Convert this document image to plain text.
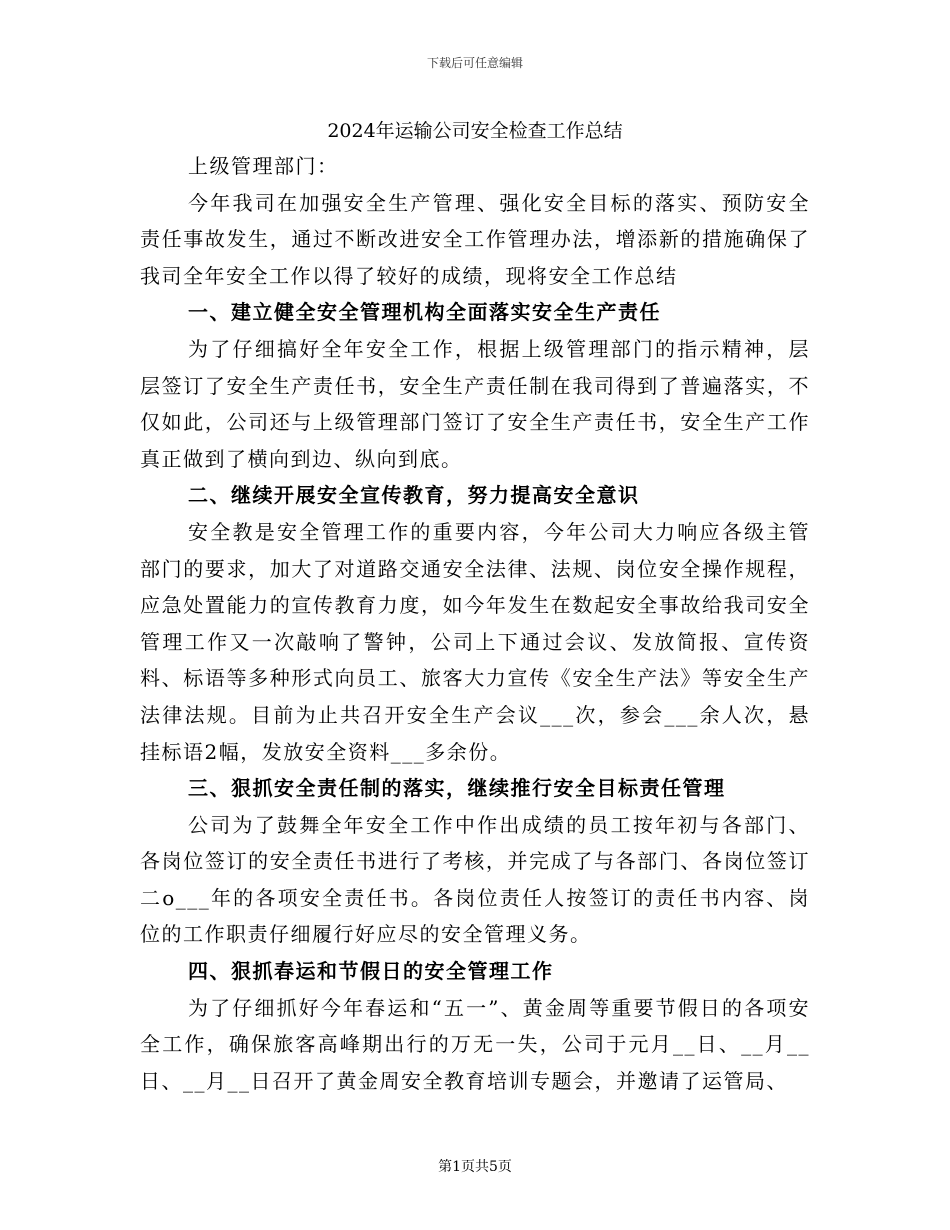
下载后可任意编辑
2024年运输公司安全检查工作总结

上级管理部门：

今年我司在加强安全生产管理、强化安全目标的落实、预防安全责任事故发生，通过不断改进安全工作管理办法，增添新的措施确保了我司全年安全工作以得了较好的成绩，现将安全工作总结

一、建立健全安全管理机构全面落实安全生产责任

为了仔细搞好全年安全工作，根据上级管理部门的指示精神，层层签订了安全生产责任书，安全生产责任制在我司得到了普遍落实，不仅如此，公司还与上级管理部门签订了安全生产责任书，安全生产工作真正做到了横向到边、纵向到底。

二、继续开展安全宣传教育，努力提高安全意识

安全教是安全管理工作的重要内容，今年公司大力响应各级主管部门的要求，加大了对道路交通安全法律、法规、岗位安全操作规程，应急处置能力的宣传教育力度，如今年发生在数起安全事故给我司安全管理工作又一次敲响了警钟，公司上下通过会议、发放简报、宣传资料、标语等多种形式向员工、旅客大力宣传《安全生产法》等安全生产法律法规。目前为止共召开安全生产会议___次，参会___余人次，悬挂标语2幅，发放安全资料___多余份。

三、狠抓安全责任制的落实，继续推行安全目标责任管理

公司为了鼓舞全年安全工作中作出成绩的员工按年初与各部门、各岗位签订的安全责任书进行了考核，并完成了与各部门、各岗位签订二o___年的各项安全责任书。各岗位责任人按签订的责任书内容、岗位的工作职责仔细履行好应尽的安全管理义务。

四、狠抓春运和节假日的安全管理工作

为了仔细抓好今年春运和“五一”、黄金周等重要节假日的各项安全工作，确保旅客高峰期出行的万无一失，公司于元月__日、__月__日、__月__日召开了黄金周安全教育培训专题会，并邀请了运管局、

第1页共5页
